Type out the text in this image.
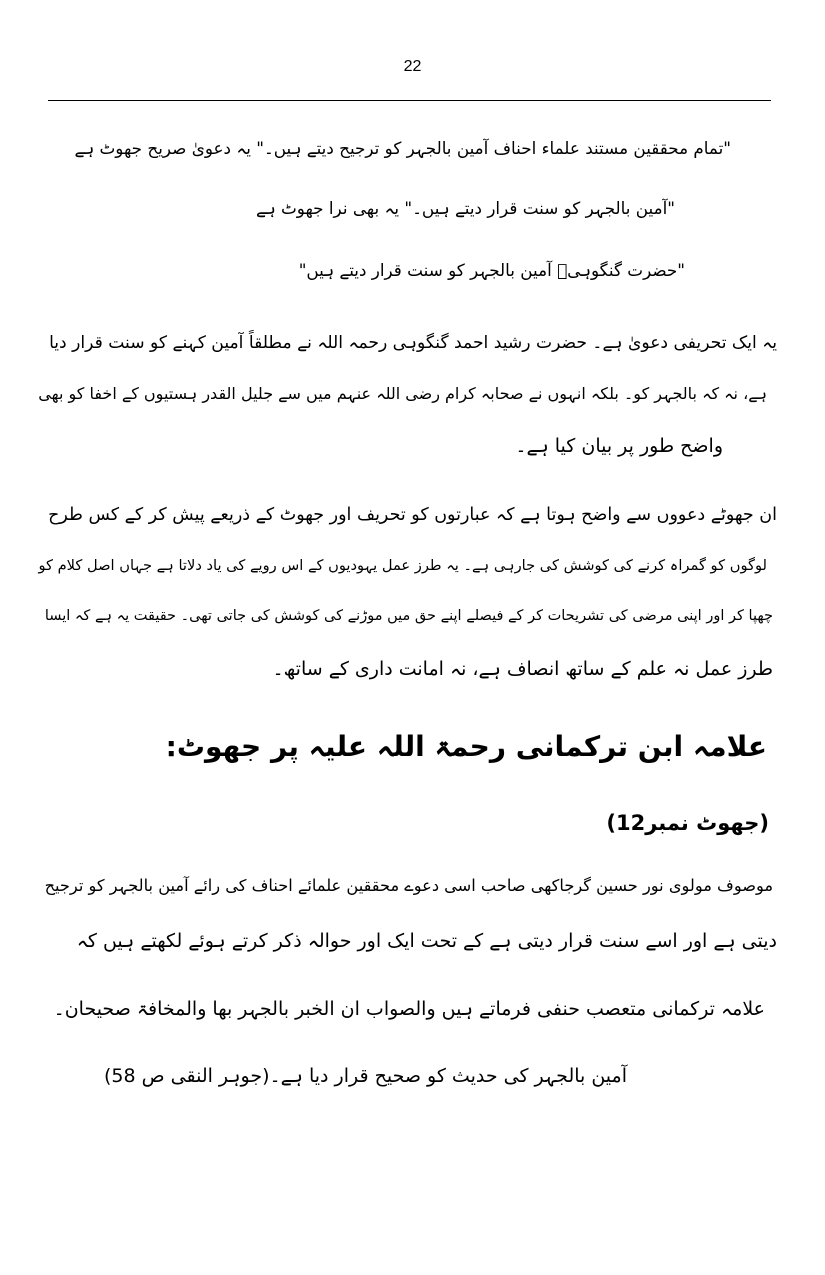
22
"تمام محققین مستند علماء احناف آمین بالجہر کو ترجیح دیتے ہیں۔" یہ دعویٰ صریح جھوٹ ہے
"آمین بالجہر کو سنت قرار دیتے ہیں۔" یہ بھی نرا جھوٹ ہے
"حضرت گنگوہیؒ آمین بالجہر کو سنت قرار دیتے ہیں"
یہ ایک تحریفی دعویٰ ہے۔ حضرت رشید احمد گنگوہی رحمہ اللہ نے مطلقاً آمین کہنے کو سنت قرار دیا
ہے، نہ کہ بالجہر کو۔ بلکہ انہوں نے صحابہ کرام رضی اللہ عنہم میں سے جلیل القدر ہستیوں کے اخفا کو بھی
واضح طور پر بیان کیا ہے۔
ان جھوٹے دعووں سے واضح ہوتا ہے کہ عبارتوں کو تحریف اور جھوٹ کے ذریعے پیش کر کے کس طرح
لوگوں کو گمراہ کرنے کی کوشش کی جارہی ہے۔ یہ طرز عمل یہودیوں کے اس رویے کی یاد دلاتا ہے جہاں اصل کلام کو
چھپا کر اور اپنی مرضی کی تشریحات کر کے فیصلے اپنے حق میں موڑنے کی کوشش کی جاتی تھی۔ حقیقت یہ ہے کہ ایسا
طرز عمل نہ علم کے ساتھ انصاف ہے، نہ امانت داری کے ساتھ۔
علامہ ابن ترکمانی رحمۃ اللہ علیہ پر جھوٹ:
(جھوٹ نمبر12)
موصوف مولوی نور حسین گرجاکھی صاحب اسی دعوے محققین علمائے احناف کی رائے آمین بالجہر کو ترجیح
دیتی ہے اور اسے سنت قرار دیتی ہے کے تحت ایک اور حوالہ ذکر کرتے ہوئے لکھتے ہیں کہ
علامہ ترکمانی متعصب حنفی فرماتے ہیں والصواب ان الخبر بالجہر بھا والمخافۃ صحیحان۔
آمین بالجہر کی حدیث کو صحیح قرار دیا ہے۔(جوہر النقی ص 58)
